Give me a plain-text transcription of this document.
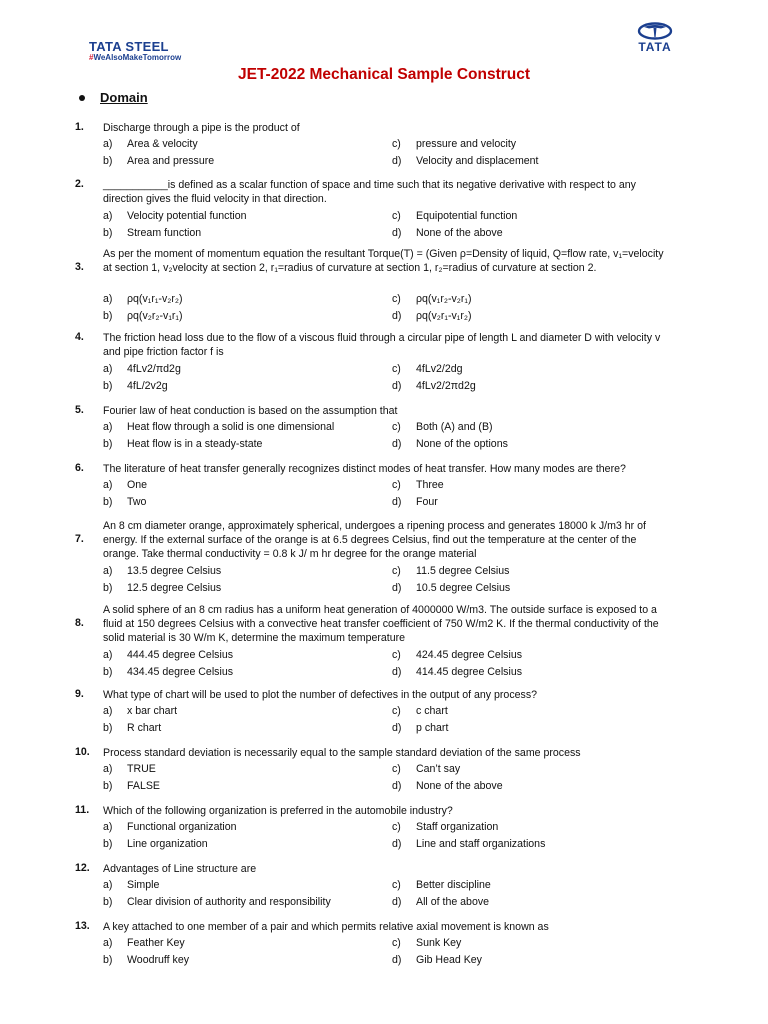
TATA STEEL
#WeAlsoMakeTomorrow
TATA
JET-2022 Mechanical Sample Construct
Domain
1. Discharge through a pipe is the product of
a) Area & velocity	c) pressure and velocity
b) Area and pressure	d) Velocity and displacement
2. ___________is defined as a scalar function of space and time such that its negative derivative with respect to any direction gives the fluid velocity in that direction.
a) Velocity potential function	c) Equipotential function
b) Stream function	d) None of the above
3.
As per the moment of momentum equation the resultant Torque(T) = (Given ρ=Density of liquid, Q=flow rate, v₁=velocity at section 1, v₂velocity at section 2, r₁=radius of curvature at section 1, r₂=radius of curvature at section 2.
a) ρq(v₁r₁-v₂r₂)	c) ρq(v₁r₂-v₂r₁)
b) ρq(v₂r₂-v₁r₁)	d) ρq(v₂r₁-v₁r₂)
4. The friction head loss due to the flow of a viscous fluid through a circular pipe of length L and diameter D with velocity v and pipe friction factor f is
a) 4fLv2/πd2g	c) 4fLv2/2dg
b) 4fL/2v2g	d) 4fLv2/2πd2g
5. Fourier law of heat conduction is based on the assumption that
a) Heat flow through a solid is one dimensional	c) Both (A) and (B)
b) Heat flow is in a steady-state	d) None of the options
6. The literature of heat transfer generally recognizes distinct modes of heat transfer. How many modes are there?
a) One	c) Three
b) Two	d) Four
7.
An 8 cm diameter orange, approximately spherical, undergoes a ripening process and generates 18000 k J/m3 hr of energy. If the external surface of the orange is at 6.5 degrees Celsius, find out the temperature at the center of the orange. Take thermal conductivity = 0.8 k J/ m hr degree for the orange material
a) 13.5 degree Celsius	c) 11.5 degree Celsius
b) 12.5 degree Celsius	d) 10.5 degree Celsius
8.
A solid sphere of an 8 cm radius has a uniform heat generation of 4000000 W/m3. The outside surface is exposed to a fluid at 150 degrees Celsius with a convective heat transfer coefficient of 750 W/m2 K. If the thermal conductivity of the solid material is 30 W/m K, determine the maximum temperature
a) 444.45 degree Celsius	c) 424.45 degree Celsius
b) 434.45 degree Celsius	d) 414.45 degree Celsius
9. What type of chart will be used to plot the number of defectives in the output of any process?
a) x bar chart	c) c chart
b) R chart	d) p chart
10. Process standard deviation is necessarily equal to the sample standard deviation of the same process
a) TRUE	c) Can’t say
b) FALSE	d) None of the above
11. Which of the following organization is preferred in the automobile industry?
a) Functional organization	c) Staff organization
b) Line organization	d) Line and staff organizations
12. Advantages of Line structure are
a) Simple	c) Better discipline
b) Clear division of authority and responsibility	d) All of the above
13. A key attached to one member of a pair and which permits relative axial movement is known as
a) Feather Key	c) Sunk Key
b) Woodruff key	d) Gib Head Key
